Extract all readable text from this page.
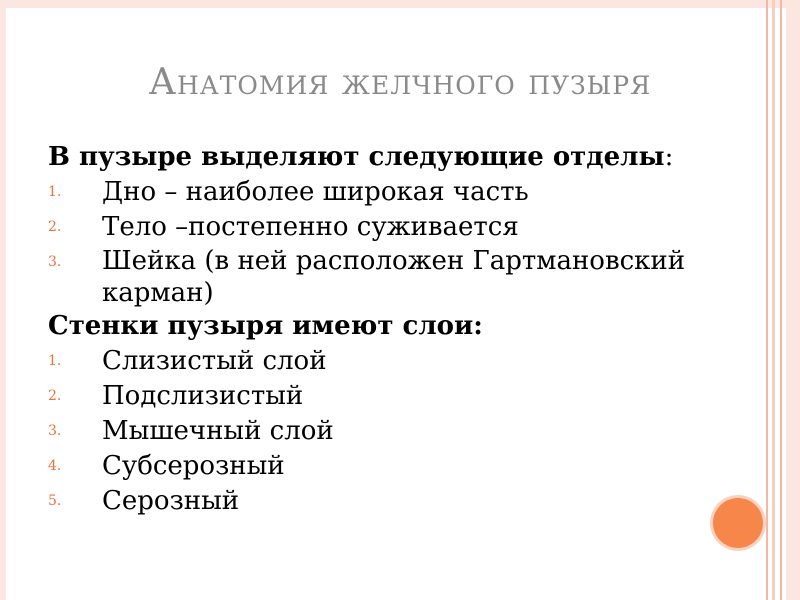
Анатомия желчного пузыря

В пузыре выделяют следующие отделы:

1. Дно – наиболее широкая часть
2. Тело –постепенно суживается
3. Шейка (в ней расположен Гартмановский карман)

Стенки пузыря имеют слои:

1. Слизистый слой
2. Подслизистый
3. Мышечный слой
4. Субсерозный
5. Серозный
